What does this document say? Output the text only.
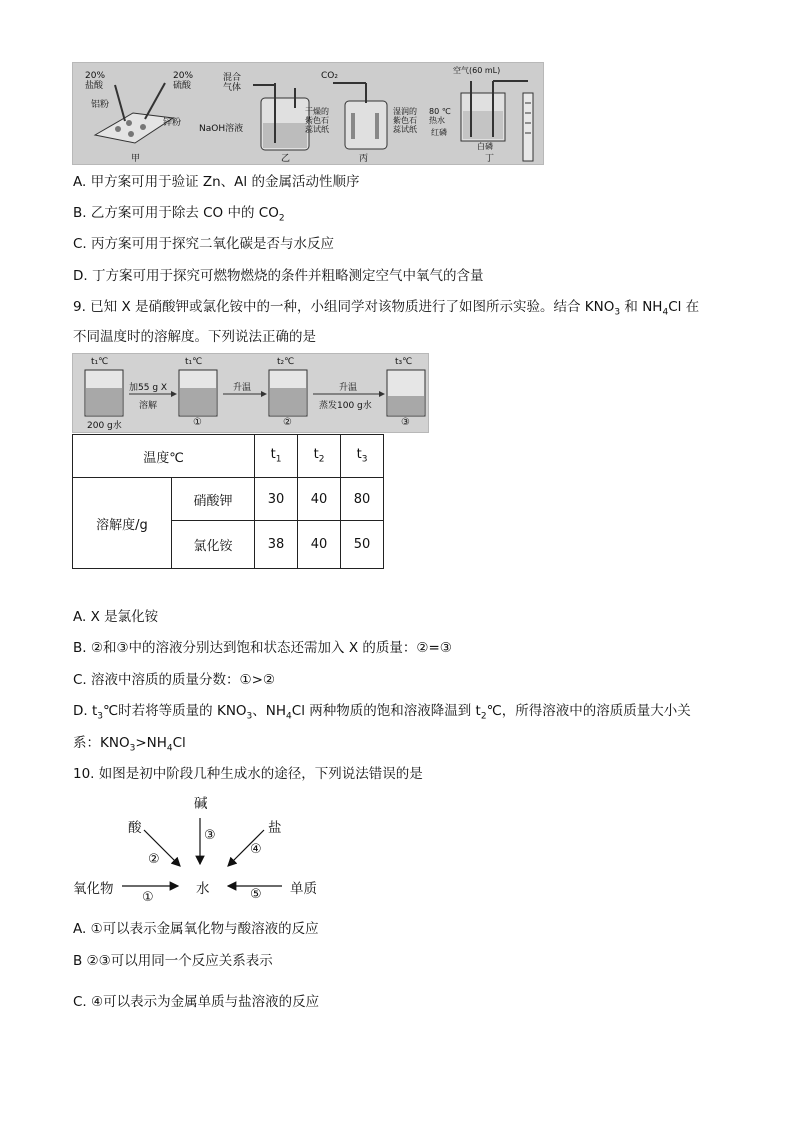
20%
盐酸
铝粉
20%
硫酸
锌粉
甲
混合
气体
NaOH溶液
乙
CO₂
干燥的
紫色石
蕊试纸
湿润的
紫色石
蕊试纸
丙
空气(60 mL)
80 ℃
热水
红磷
白磷
丁
A. 甲方案可用于验证 Zn、Al 的金属活动性顺序
B. 乙方案可用于除去 CO 中的 $CO_2$
C. 丙方案可用于探究二氧化碳是否与水反应
D. 丁方案可用于探究可燃物燃烧的条件并粗略测定空气中氧气的含量
9. 已知 X 是硝酸钾或氯化铵中的一种，小组同学对该物质进行了如图所示实验。结合 $KNO_3$ 和 $NH_4Cl$ 在
不同温度时的溶解度。下列说法正确的是
t₁℃
200 g水
加55 g X
溶解
t₁℃
①
升温
t₂℃
②
升温
蒸发100 g水
t₃℃
③
温度℃		$t_1$	$t_2$	$t_3$
溶解度/g	硝酸钾	30	40	80
	氯化铵	38	40	50
A. X 是氯化铵
B. ②和③中的溶液分别达到饱和状态还需加入 X 的质量：②=③
C. 溶液中溶质的质量分数：①>②
D. $t_3℃$时若将等质量的 $KNO_3$、$NH_4Cl$ 两种物质的饱和溶液降温到 $t_2℃$，所得溶液中的溶质质量大小关
系：$KNO_3>NH_4Cl$
10. 如图是初中阶段几种生成水的途径，下列说法错误的是
碱
酸	盐
③
②
④
氧化物	水	单质
①	⑤
A. ①可以表示金属氧化物与酸溶液的反应
B ②③可以用同一个反应关系表示
C. ④可以表示为金属单质与盐溶液的反应
